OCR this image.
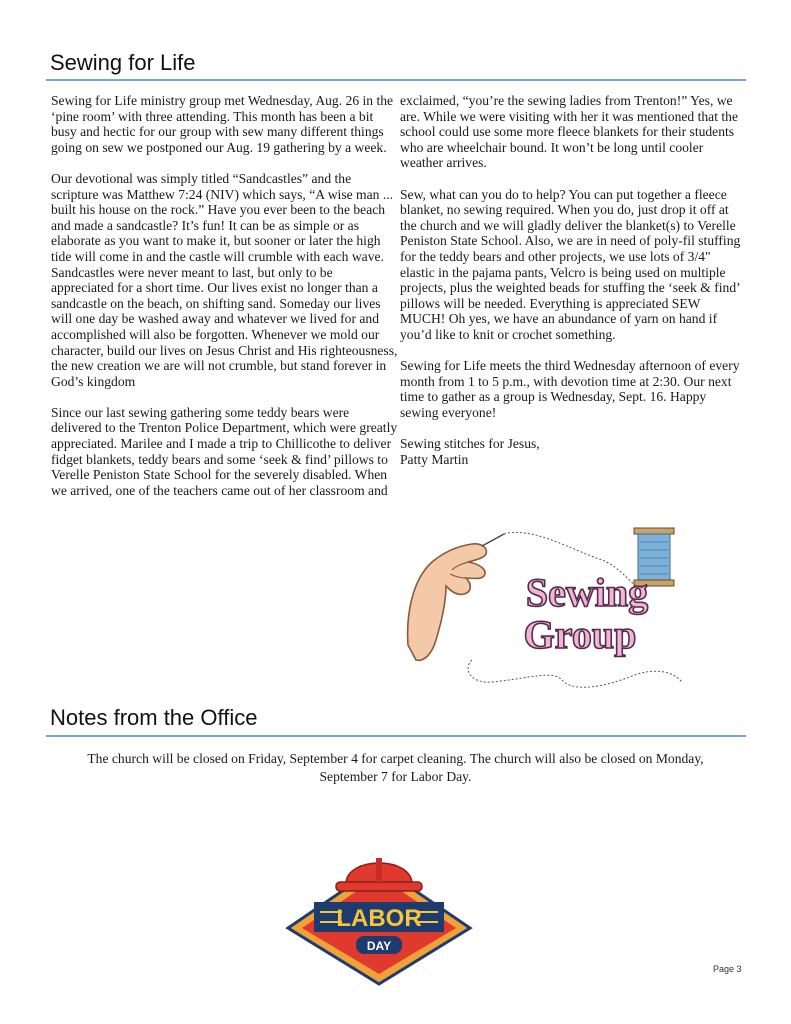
Sewing for Life

Sewing for Life ministry group met Wednesday, Aug. 26 in the ‘pine room’ with three attending. This month has been a bit busy and hectic for our group with sew many different things going on sew we postponed our Aug. 19 gathering by a week.

Our devotional was simply titled “Sandcastles” and the scripture was Matthew 7:24 (NIV) which says, “A wise man ... built his house on the rock.” Have you ever been to the beach and made a sandcastle? It’s fun! It can be as simple or as elaborate as you want to make it, but sooner or later the high tide will come in and the castle will crumble with each wave. Sandcastles were never meant to last, but only to be appreciated for a short time. Our lives exist no longer than a sandcastle on the beach, on shifting sand. Someday our lives will one day be washed away and whatever we lived for and accomplished will also be forgotten. Whenever we mold our character, build our lives on Jesus Christ and His righteousness, the new creation we are will not crumble, but stand forever in God’s kingdom

Since our last sewing gathering some teddy bears were delivered to the Trenton Police Department, which were greatly appreciated. Marilee and I made a trip to Chillicothe to deliver fidget blankets, teddy bears and some ‘seek & find’ pillows to Verelle Peniston State School for the severely disabled. When we arrived, one of the teachers came out of her classroom and

exclaimed, “you’re the sewing ladies from Trenton!” Yes, we are. While we were visiting with her it was mentioned that the school could use some more fleece blankets for their students who are wheelchair bound. It won’t be long until cooler weather arrives.

Sew, what can you do to help? You can put together a fleece blanket, no sewing required. When you do, just drop it off at the church and we will gladly deliver the blanket(s) to Verelle Peniston State School. Also, we are in need of poly-fil stuffing for the teddy bears and other projects, we use lots of 3/4" elastic in the pajama pants, Velcro is being used on multiple projects, plus the weighted beads for stuffing the ‘seek & find’ pillows will be needed. Everything is appreciated SEW MUCH! Oh yes, we have an abundance of yarn on hand if you’d like to knit or crochet something.

Sewing for Life meets the third Wednesday afternoon of every month from 1 to 5 p.m., with devotion time at 2:30. Our next time to gather as a group is Wednesday, Sept. 16. Happy sewing everyone!

Sewing stitches for Jesus,
Patty Martin
Sewing
Group
Notes from the Office
The church will be closed on Friday, September 4 for carpet cleaning. The church will also be closed on Monday, September 7 for Labor Day.
LABOR
DAY
Page 3
